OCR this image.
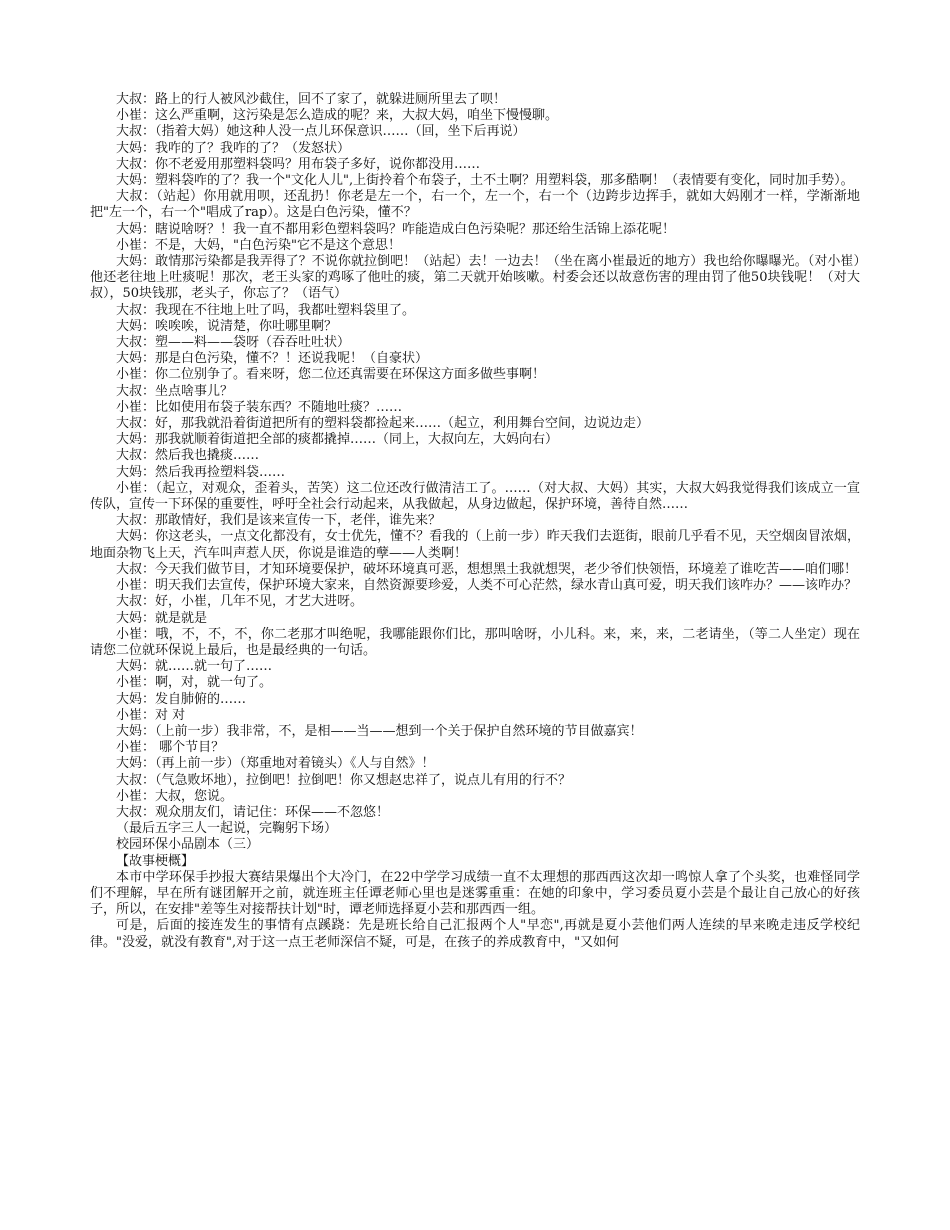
大叔：路上的行人被风沙截住，回不了家了，就躲进厕所里去了呗！

小崔：这么严重啊，这污染是怎么造成的呢？来，大叔大妈，咱坐下慢慢聊。

大叔：（指着大妈）她这种人没一点儿环保意识……（回，坐下后再说）

大妈：我咋的了？我咋的了？（发怒状）

大叔：你不老爱用那塑料袋吗？用布袋子多好，说你都没用……

大妈：塑料袋咋的了？我一个"文化人儿",上街拎着个布袋子，土不土啊？用塑料袋，那多酷啊！（表情要有变化，同时加手势）。

大叔：（站起）你用就用呗，还乱扔！你老是左一个，右一个，左一个，右一个（边跨步边挥手，就如大妈刚才一样，学渐渐地把"左一个，右一个"唱成了rap）。这是白色污染，懂不？

大妈：瞎说啥呀？！我一直不都用彩色塑料袋吗？咋能造成白色污染呢？那还给生活锦上添花呢！

小崔：不是，大妈，"白色污染"它不是这个意思！

大妈：敢情那污染都是我弄得了？不说你就拉倒吧！（站起）去！一边去！（坐在离小崔最近的地方）我也给你曝曝光。（对小崔）他还老往地上吐痰呢！那次，老王头家的鸡啄了他吐的痰，第二天就开始咳嗽。村委会还以故意伤害的理由罚了他50块钱呢！（对大叔），50块钱那，老头子，你忘了？（语气）

大叔：我现在不往地上吐了吗，我都吐塑料袋里了。

大妈：唉唉唉，说清楚，你吐哪里啊？

大叔：塑——料——袋呀（吞吞吐吐状）

大妈：那是白色污染，懂不？！还说我呢！（自豪状）

小崔：你二位别争了。看来呀，您二位还真需要在环保这方面多做些事啊！

大叔：坐点啥事儿？

小崔：比如使用布袋子装东西？不随地吐痰？……

大叔：好，那我就沿着街道把所有的塑料袋都捡起来……（起立，利用舞台空间，边说边走）

大妈：那我就顺着街道把全部的痰都撬掉……（同上，大叔向左，大妈向右）

大叔：然后我也撬痰……

大妈：然后我再捡塑料袋……

小崔：（起立，对观众，歪着头，苦笑）这二位还改行做清洁工了。……（对大叔、大妈）其实，大叔大妈我觉得我们该成立一宣传队，宣传一下环保的重要性，呼吁全社会行动起来，从我做起，从身边做起，保护环境，善待自然……

大叔：那敢情好，我们是该来宣传一下，老伴，谁先来？

大妈：你这老头，一点文化都没有，女士优先，懂不？看我的（上前一步）昨天我们去逛街，眼前几乎看不见，天空烟囱冒浓烟，地面杂物飞上天，汽车叫声惹人厌，你说是谁造的孽——人类啊！

大叔：今天我们做节目，才知环境要保护，破坏环境真可恶，想想黑土我就想哭，老少爷们快领悟，环境差了谁吃苦——咱们哪！

小崔：明天我们去宣传，保护环境大家来，自然资源要珍爱，人类不可心茫然，绿水青山真可爱，明天我们该咋办？——该咋办？

大叔：好，小崔，几年不见，才艺大进呀。

大妈：就是就是

小崔：哦，不，不，不，你二老那才叫绝呢，我哪能跟你们比，那叫啥呀，小儿科。来，来，来，二老请坐，（等二人坐定）现在请您二位就环保说上最后，也是最经典的一句话。

大妈：就……就一句了……

小崔：啊，对，就一句了。

大妈：发自肺俯的……

小崔：对 对

大妈：（上前一步）我非常，不，是相——当——想到一个关于保护自然环境的节目做嘉宾！

小崔： 哪个节目？

大妈：（再上前一步）（郑重地对着镜头）《人与自然》！

大叔：（气急败坏地），拉倒吧！拉倒吧！你又想赵忠祥了，说点儿有用的行不？

小崔：大叔，您说。

大叔：观众朋友们，请记住：环保——不忽悠！

（最后五字三人一起说，完鞠躬下场）

校园环保小品剧本（三）

【故事梗概】

本市中学环保手抄报大赛结果爆出个大冷门，在22中学学习成绩一直不太理想的那西西这次却一鸣惊人拿了个头奖，也难怪同学们不理解，早在所有谜团解开之前，就连班主任谭老师心里也是迷雾重重：在她的印象中，学习委员夏小芸是个最让自己放心的好孩子，所以，在安排"差等生对接帮扶计划"时，谭老师选择夏小芸和那西西一组。

可是，后面的接连发生的事情有点蹊跷：先是班长给自己汇报两个人"早恋",再就是夏小芸他们两人连续的早来晚走违反学校纪律。"没爱，就没有教育",对于这一点王老师深信不疑，可是，在孩子的养成教育中，"又如何
